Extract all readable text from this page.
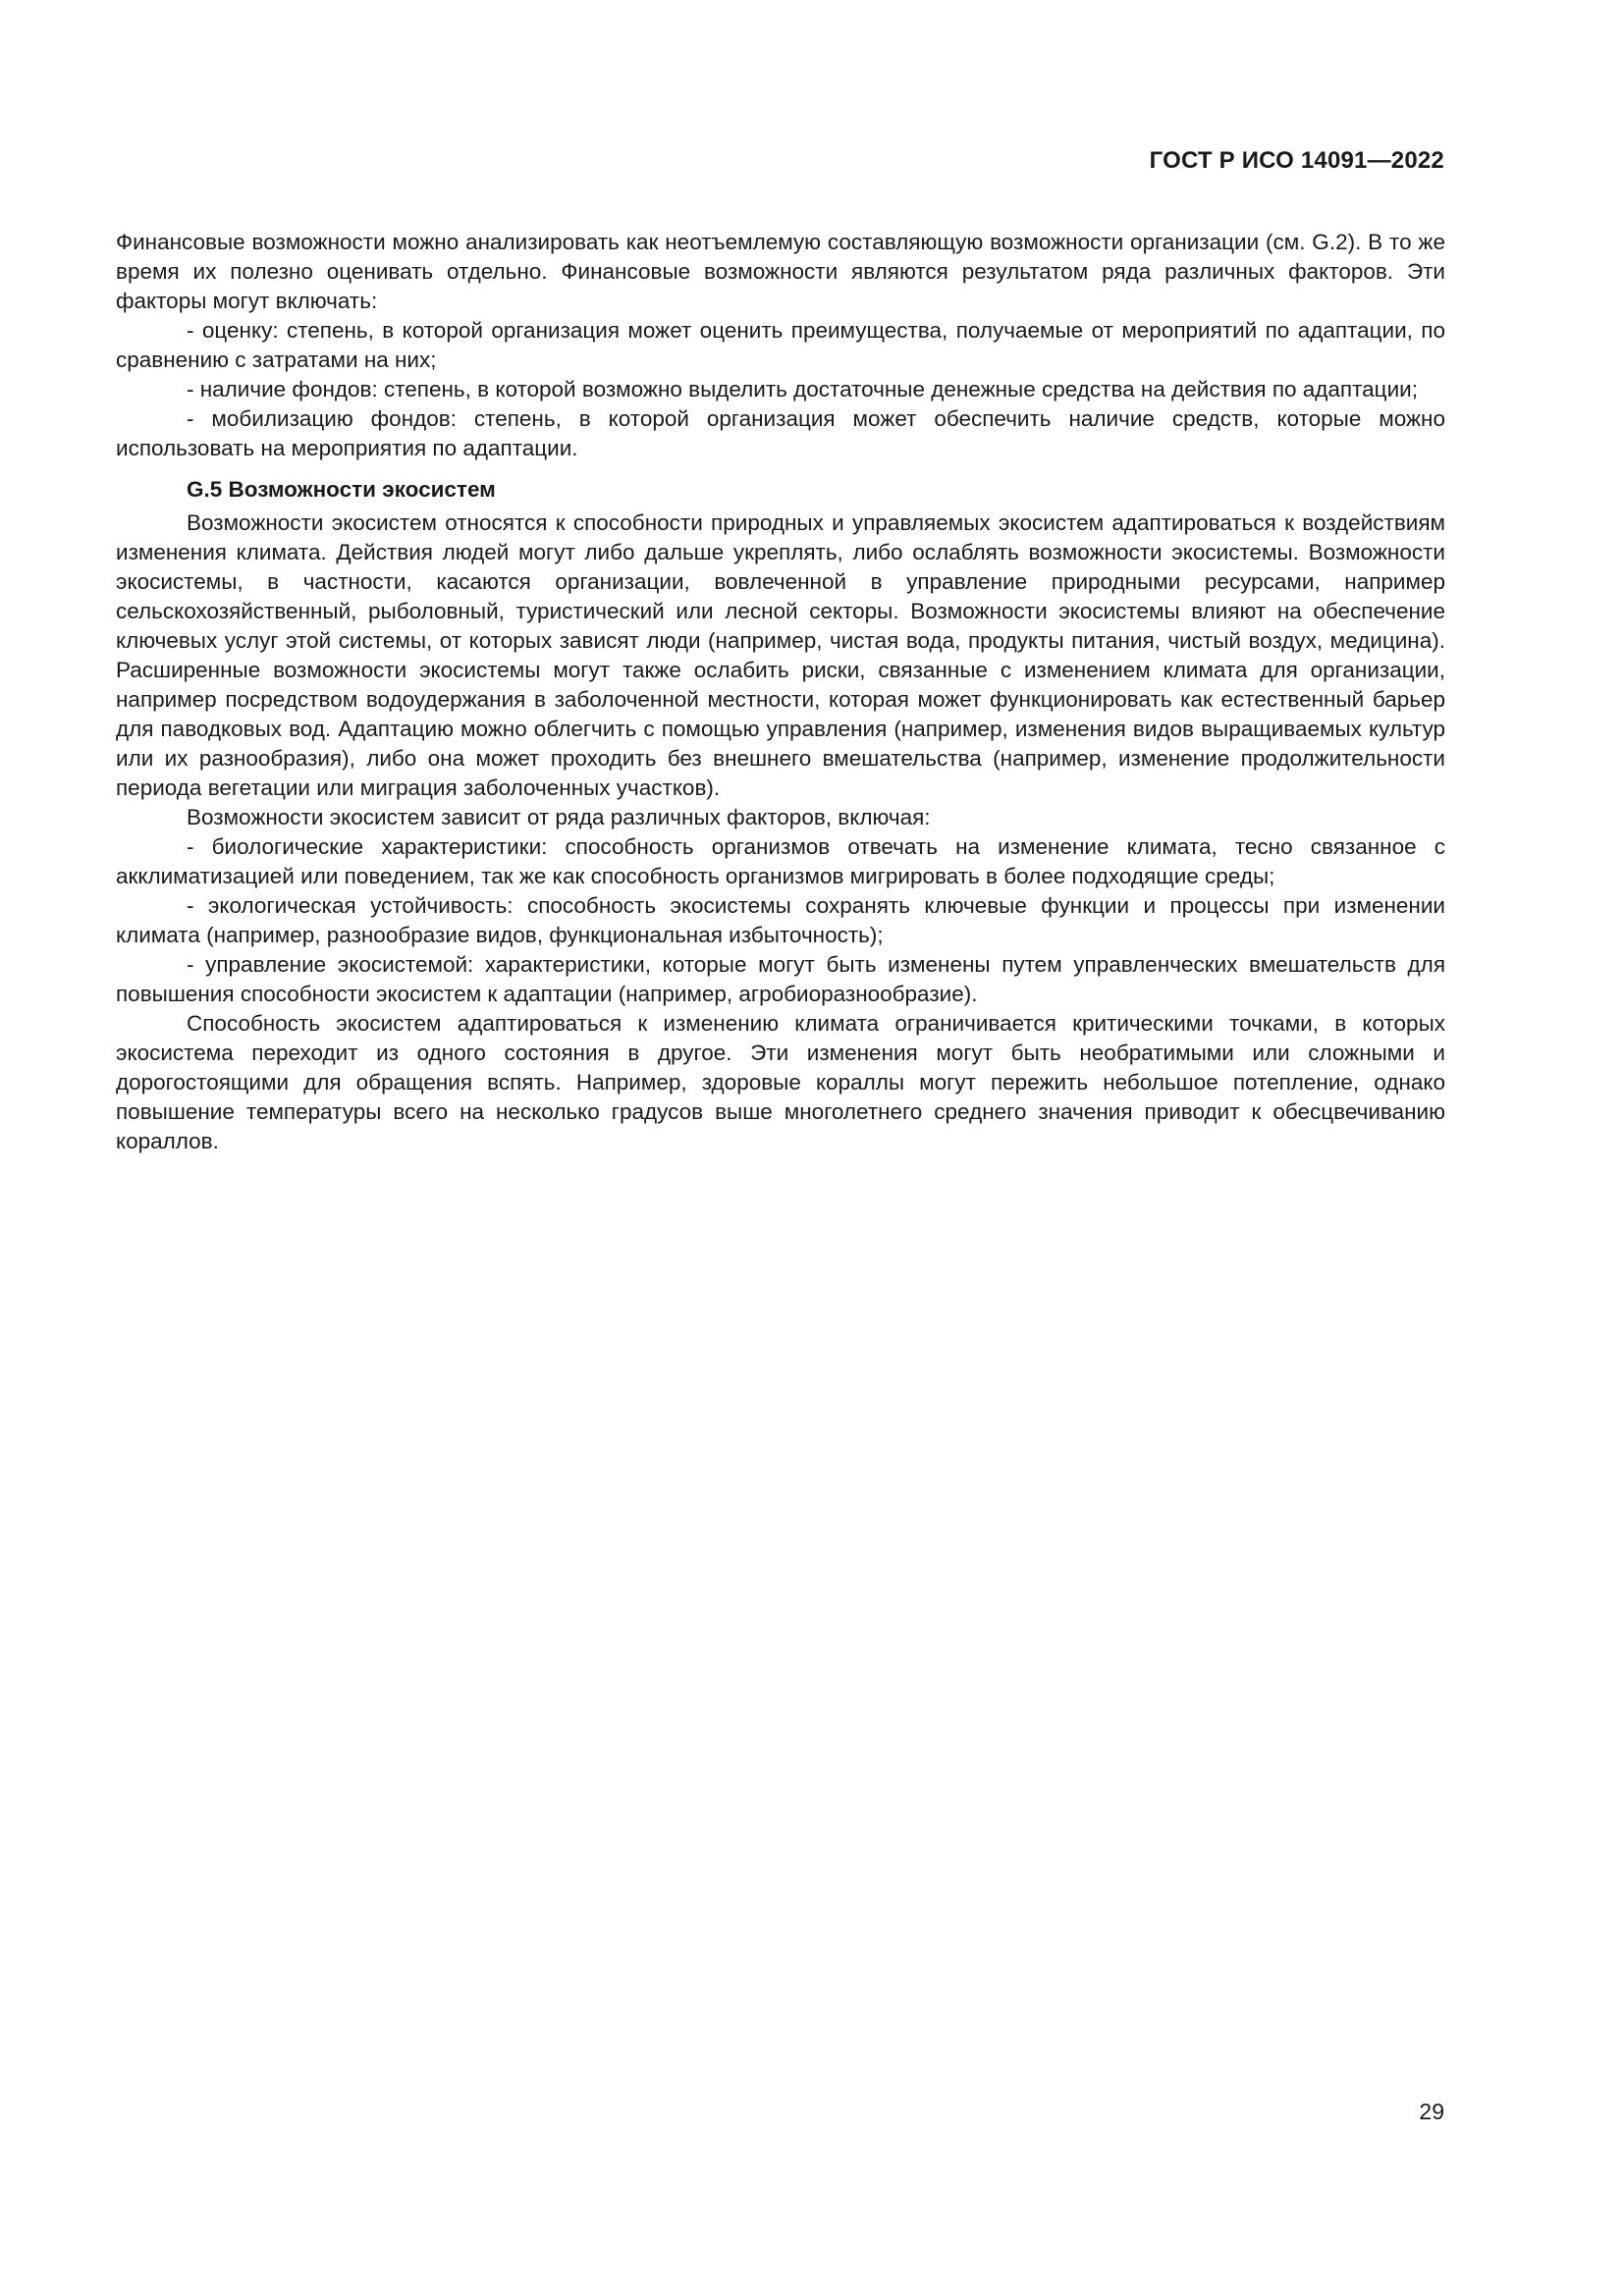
ГОСТ Р ИСО 14091—2022

Финансовые возможности можно анализировать как неотъемлемую составляющую возможности организации (см. G.2). В то же время их полезно оценивать отдельно. Финансовые возможности являются результатом ряда различных факторов. Эти факторы могут включать:

- оценку: степень, в которой организация может оценить преимущества, получаемые от мероприятий по адаптации, по сравнению с затратами на них;

- наличие фондов: степень, в которой возможно выделить достаточные денежные средства на действия по адаптации;

- мобилизацию фондов: степень, в которой организация может обеспечить наличие средств, которые можно использовать на мероприятия по адаптации.

G.5 Возможности экосистем

Возможности экосистем относятся к способности природных и управляемых экосистем адаптироваться к воздействиям изменения климата. Действия людей могут либо дальше укреплять, либо ослаблять возможности экосистемы. Возможности экосистемы, в частности, касаются организации, вовлеченной в управление природными ресурсами, например сельскохозяйственный, рыболовный, туристический или лесной секторы. Возможности экосистемы влияют на обеспечение ключевых услуг этой системы, от которых зависят люди (например, чистая вода, продукты питания, чистый воздух, медицина). Расширенные возможности экосистемы могут также ослабить риски, связанные с изменением климата для организации, например посредством водоудержания в заболоченной местности, которая может функционировать как естественный барьер для паводковых вод. Адаптацию можно облегчить с помощью управления (например, изменения видов выращиваемых культур или их разнообразия), либо она может проходить без внешнего вмешательства (например, изменение продолжительности периода вегетации или миграция заболоченных участков).

Возможности экосистем зависит от ряда различных факторов, включая:

- биологические характеристики: способность организмов отвечать на изменение климата, тесно связанное с акклиматизацией или поведением, так же как способность организмов мигрировать в более подходящие среды;

- экологическая устойчивость: способность экосистемы сохранять ключевые функции и процессы при изменении климата (например, разнообразие видов, функциональная избыточность);

- управление экосистемой: характеристики, которые могут быть изменены путем управленческих вмешательств для повышения способности экосистем к адаптации (например, агробиоразнообразие).

Способность экосистем адаптироваться к изменению климата ограничивается критическими точками, в которых экосистема переходит из одного состояния в другое. Эти изменения могут быть необратимыми или сложными и дорогостоящими для обращения вспять. Например, здоровые кораллы могут пережить небольшое потепление, однако повышение температуры всего на несколько градусов выше многолетнего среднего значения приводит к обесцвечиванию кораллов.

29
